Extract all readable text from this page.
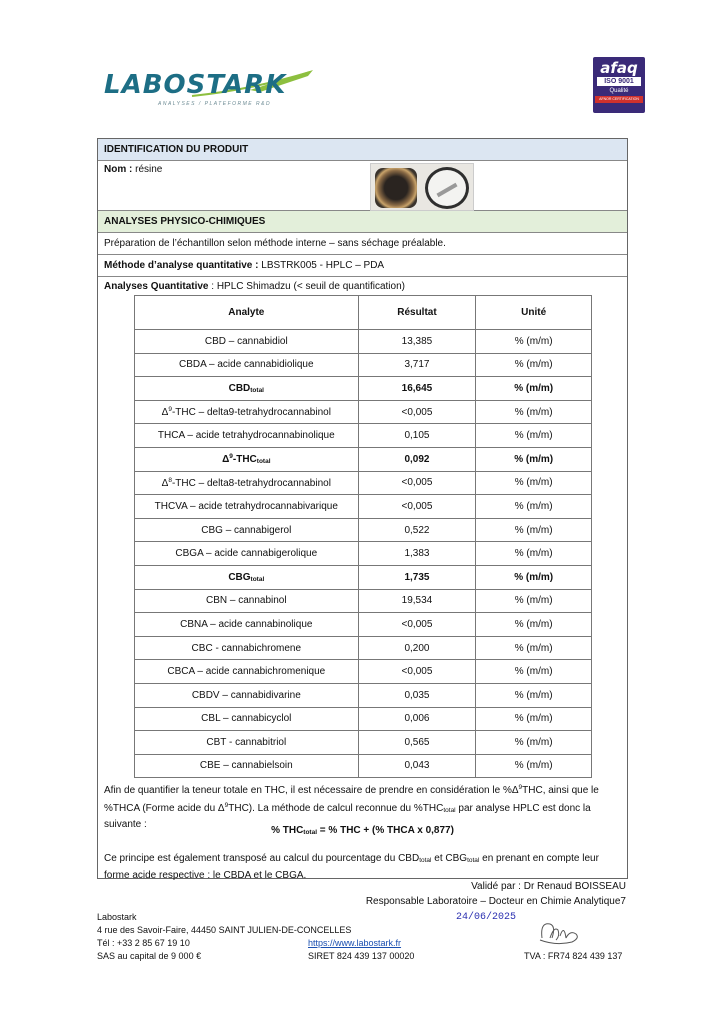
LABOSTARK
ANALYSES / PLATEFORME R&D
afaq
ISO 9001
Qualité
AFNOR CERTIFICATION
IDENTIFICATION DU PRODUIT
Nom : résine
ANALYSES PHYSICO-CHIMIQUES
Préparation de l’échantillon selon méthode interne – sans séchage préalable.
Méthode d’analyse quantitative : LBSTRK005 - HPLC – PDA
Analyses Quantitative : HPLC Shimadzu (< seuil de quantification)
Analyte	Résultat	Unité
CBD – cannabidiol	13,385	% (m/m)
CBDA – acide cannabidiolique	3,717	% (m/m)
$CBD_{total}$	16,645	% (m/m)
$\Delta^9$-THC – delta9-tetrahydrocannabinol	<0,005	% (m/m)
THCA – acide tetrahydrocannabinolique	0,105	% (m/m)
$\Delta^9-THC_{total}$	0,092	% (m/m)
$\Delta^8$-THC – delta8-tetrahydrocannabinol	<0,005	% (m/m)
THCVA – acide tetrahydrocannabivarique	<0,005	% (m/m)
CBG – cannabigerol	0,522	% (m/m)
CBGA – acide cannabigerolique	1,383	% (m/m)
$CBG_{total}$	1,735	% (m/m)
CBN – cannabinol	19,534	% (m/m)
CBNA – acide cannabinolique	<0,005	% (m/m)
CBC - cannabichromene	0,200	% (m/m)
CBCA – acide cannabichromenique	<0,005	% (m/m)
CBDV – cannabidivarine	0,035	% (m/m)
CBL – cannabicyclol	0,006	% (m/m)
CBT - cannabitriol	0,565	% (m/m)
CBE – cannabielsoin	0,043	% (m/m)
Afin de quantifier la teneur totale en THC, il est nécessaire de prendre en considération le $\%\Delta^9THC$, ainsi que le %THCA (Forme acide du $\Delta^9THC$). La méthode de calcul reconnue du $\%THC_{total}$ par analyse HPLC est donc la suivante :
% $THC_{total}$ = % THC + (% THCA x 0,877)
Ce principe est également transposé au calcul du pourcentage du $CBD_{total}$ et $CBG_{total}$ en prenant en compte leur forme acide respective : le CBDA et le CBGA.
Validé par : Dr Renaud BOISSEAU
Responsable Laboratoire – Docteur en Chimie Analytique7
24/06/2025
Labostark
4 rue des Savoir-Faire, 44450 SAINT JULIEN-DE-CONCELLES
Tél : +33 2 85 67 19 10
SAS au capital de 9 000 €
https://www.labostark.fr
SIRET 824 439 137 00020	TVA : FR74 824 439 137
